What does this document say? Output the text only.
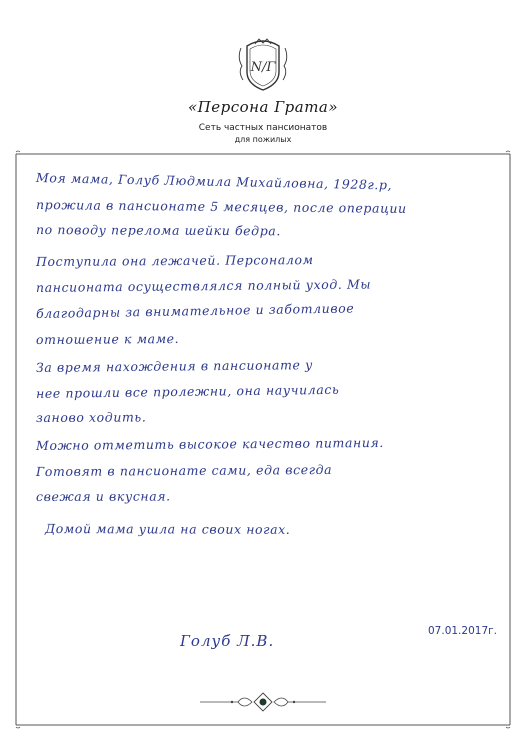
N/Γ
«Персона Грата»
Сеть частных пансионатов
для пожилых
Моя мама, Голуб Людмила Михайловна, 1928г.р,
прожила в пансионате 5 месяцев, после операции
по поводу перелома шейки бедра.
Поступила она лежачей. Персоналом
пансионата осуществлялся полный уход. Мы
благодарны за внимательное и заботливое
отношение к маме.
За время нахождения в пансионате у
нее прошли все пролежни, она научилась
заново ходить.
Можно отметить высокое качество питания.
Готовят в пансионате сами, еда всегда
свежая и вкусная.
Домой мама ушла на своих ногах.
Голуб Л.В.
07.01.2017г.
